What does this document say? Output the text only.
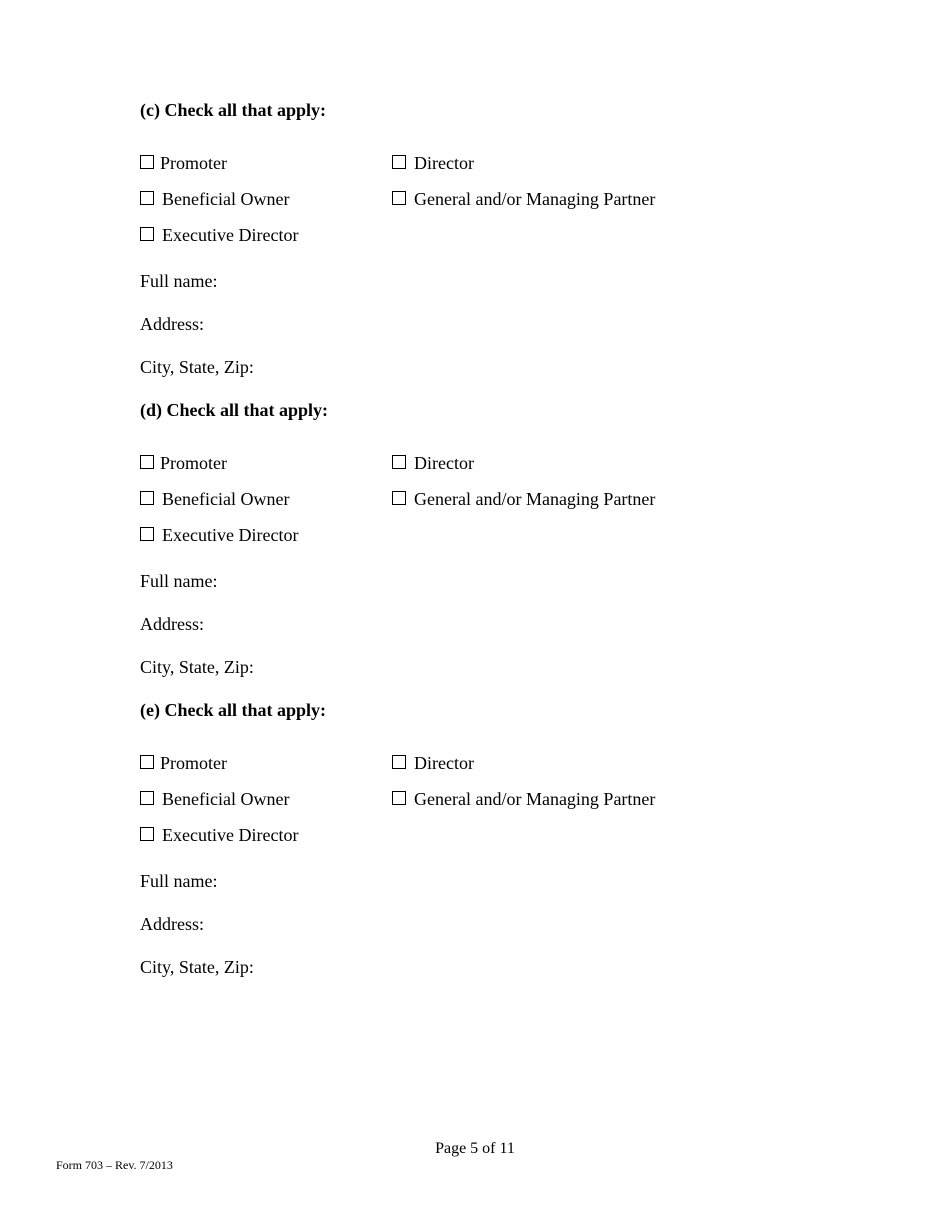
(c) Check all that apply:
Promoter	Director
Beneficial Owner	General and/or Managing Partner
Executive Director
Full name:
Address:
City, State, Zip:
(d) Check all that apply:
Promoter	Director
Beneficial Owner	General and/or Managing Partner
Executive Director
Full name:
Address:
City, State, Zip:
(e) Check all that apply:
Promoter	Director
Beneficial Owner	General and/or Managing Partner
Executive Director
Full name:
Address:
City, State, Zip:
Page 5 of 11
Form 703 – Rev. 7/2013
